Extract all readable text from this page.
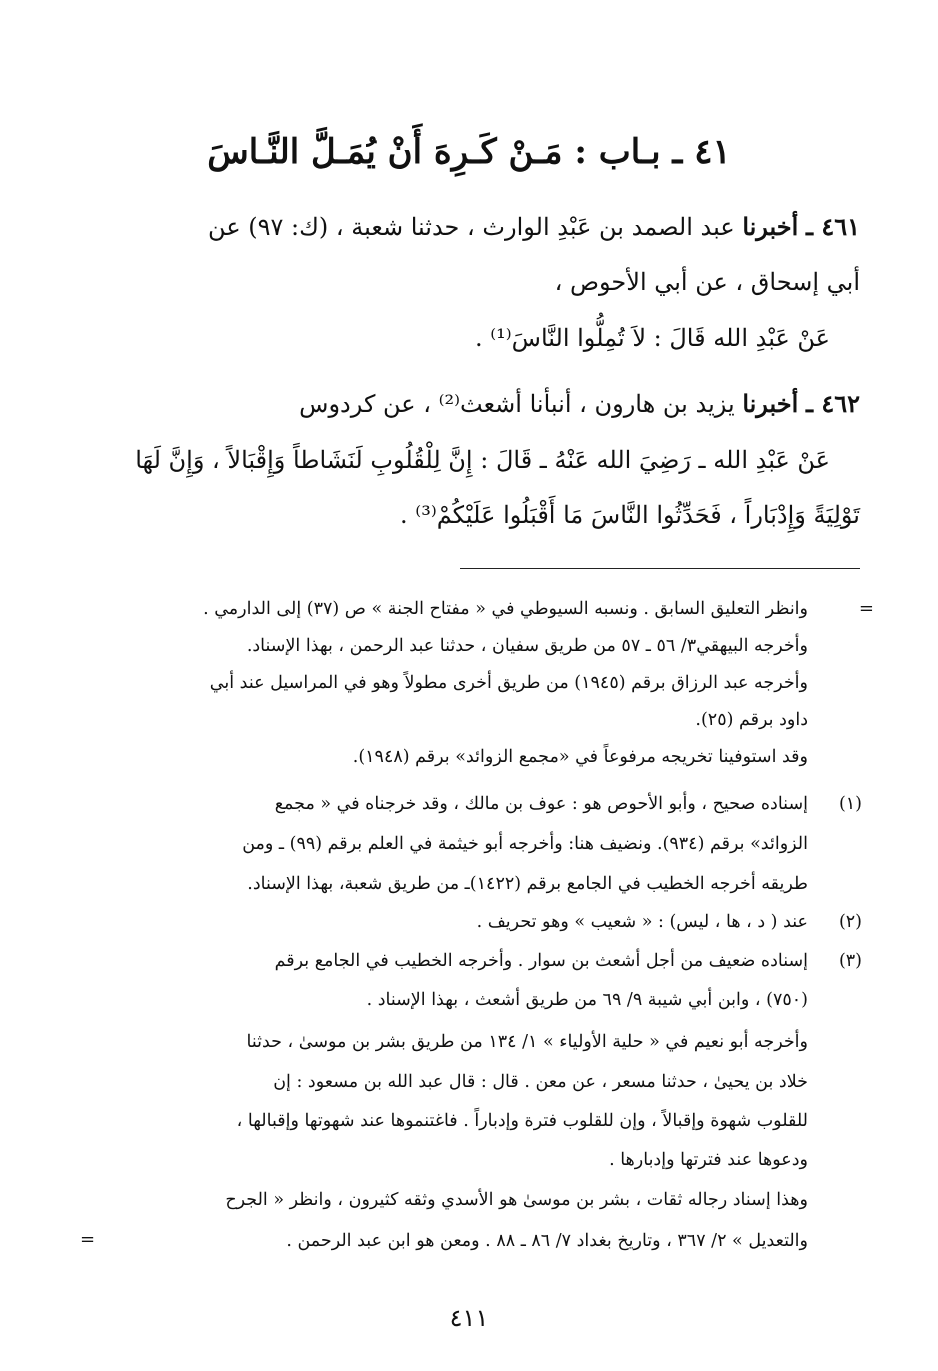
٤١ ـ بـاب : مَـنْ كَـرِهَ أَنْ يُمَـلَّ النَّـاسَ
٤٦١ ـ أخبرنا عبد الصمد بن عَبْدِ الوارث ، حدثنا شعبة ، (ك: ٩٧) عن
أبي إسحاق ، عن أبي الأحوص ،
عَنْ عَبْدِ الله قَالَ : لاَ تُمِلُّوا النَّاسَ⁽¹⁾ .
٤٦٢ ـ أخبرنا يزيد بن هارون ، أنبأنا أشعث⁽²⁾ ، عن كردوس
عَنْ عَبْدِ الله ـ رَضِيَ الله عَنْهُ ـ قَالَ : إِنَّ لِلْقُلُوبِ لَنَشَاطاً وَإِقْبَالاً ، وَإِنَّ لَهَا
تَوْلِيَةً وَإِدْبَاراً ، فَحَدِّثُوا النَّاسَ مَا أَقْبَلُوا عَلَيْكُمْ⁽³⁾ .
=
وانظر التعليق السابق . ونسبه السيوطي في « مفتاح الجنة » ص (٣٧) إلى الدارمي .
وأخرجه البيهقي٣/ ٥٦ ـ ٥٧ من طريق سفيان ، حدثنا عبد الرحمن ، بهذا الإسناد.
وأخرجه عبد الرزاق برقم (١٩٤٥) من طريق أخرى مطولاً وهو في المراسيل عند أبي
داود برقم (٢٥).
وقد استوفينا تخريجه مرفوعاً في «مجمع الزوائد» برقم (١٩٤٨).
(١)
إسناده صحيح ، وأبو الأحوص هو : عوف بن مالك ، وقد خرجناه في « مجمع
الزوائد» برقم (٩٣٤). ونضيف هنا: وأخرجه أبو خيثمة في العلم برقم (٩٩) ـ ومن
طريقه أخرجه الخطيب في الجامع برقم (١٤٢٢)ـ من طريق شعبة، بهذا الإسناد.
(٢)
عند ( د ، ها ، ليس) : « شعيب » وهو تحريف .
(٣)
إسناده ضعيف من أجل أشعث بن سوار . وأخرجه الخطيب في الجامع برقم
(٧٥٠) ، وابن أبي شيبة ٩/ ٦٩ من طريق أشعث ، بهذا الإسناد .
وأخرجه أبو نعيم في « حلية الأولياء » ١/ ١٣٤ من طريق بشر بن موسىٰ ، حدثنا
خلاد بن يحيىٰ ، حدثنا مسعر ، عن معن . قال : قال عبد الله بن مسعود : إن
للقلوب شهوة وإقبالاً ، وإن للقلوب فترة وإدباراً . فاغتنموها عند شهوتها وإقبالها ،
ودعوها عند فترتها وإدبارها .
وهذا إسناد رجاله ثقات ، بشر بن موسىٰ هو الأسدي وثقه كثيرون ، وانظر « الجرح
والتعديل » ٢/ ٣٦٧ ، وتاريخ بغداد ٧/ ٨٦ ـ ٨٨ . ومعن هو ابن عبد الرحمن .
=
٤١١
